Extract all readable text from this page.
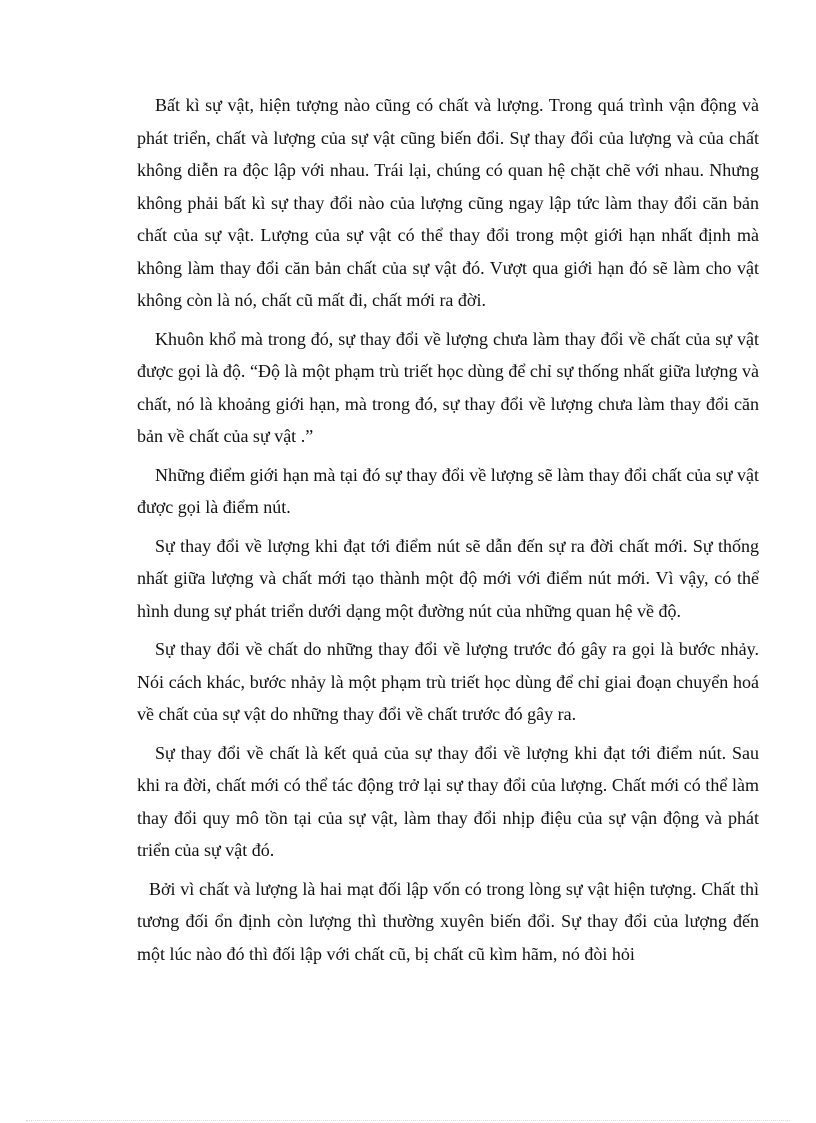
Bất kì sự vật, hiện tượng nào cũng có chất và lượng. Trong quá trình vận động và phát triển, chất và lượng của sự vật cũng biến đổi. Sự thay đổi của lượng và của chất không diễn ra độc lập với nhau. Trái lại, chúng có quan hệ chặt chẽ với nhau. Nhưng không phải bất kì sự thay đổi nào của lượng cũng ngay lập tức làm thay đổi căn bản chất của sự vật. Lượng của sự vật có thể thay đổi trong một giới hạn nhất định mà không làm thay đổi căn bản chất của sự vật đó. Vượt qua giới hạn đó sẽ làm cho vật không còn là nó, chất cũ mất đi, chất mới ra đời.

Khuôn khổ mà trong đó, sự thay đổi về lượng chưa làm thay đổi về chất của sự vật được gọi là độ. “Độ là một phạm trù triết học dùng để chỉ sự thống nhất giữa lượng và chất, nó là khoảng giới hạn, mà trong đó, sự thay đổi về lượng chưa làm thay đổi căn bản về chất của sự vật .”

Những điểm giới hạn mà tại đó sự thay đổi về lượng sẽ làm thay đổi chất của sự vật được gọi là điểm nút.

Sự thay đổi về lượng khi đạt tới điểm nút sẽ dẫn đến sự ra đời chất mới. Sự thống nhất giữa lượng và chất mới tạo thành một độ mới với điểm nút mới. Vì vậy, có thể hình dung sự phát triển dưới dạng một đường nút của những quan hệ về độ.

Sự thay đổi về chất do những thay đổi về lượng trước đó gây ra gọi là bước nhảy. Nói cách khác, bước nhảy là một phạm trù triết học dùng để chỉ giai đoạn chuyển hoá về chất của sự vật do những thay đổi về chất trước đó gây ra.

Sự thay đổi về chất là kết quả của sự thay đổi về lượng khi đạt tới điểm nút. Sau khi ra đời, chất mới có thể tác động trở lại sự thay đổi của lượng. Chất mới có thể làm thay đổi quy mô tồn tại của sự vật, làm thay đổi nhịp điệu của sự vận động và phát triển của sự vật đó.

Bởi vì chất và lượng là hai mạt đối lập vốn có trong lòng sự vật hiện tượng. Chất thì tương đối ổn định còn lượng thì thường xuyên biến đổi. Sự thay đổi của lượng đến một lúc nào đó thì đối lập với chất cũ, bị chất cũ kìm hãm, nó đòi hỏi
